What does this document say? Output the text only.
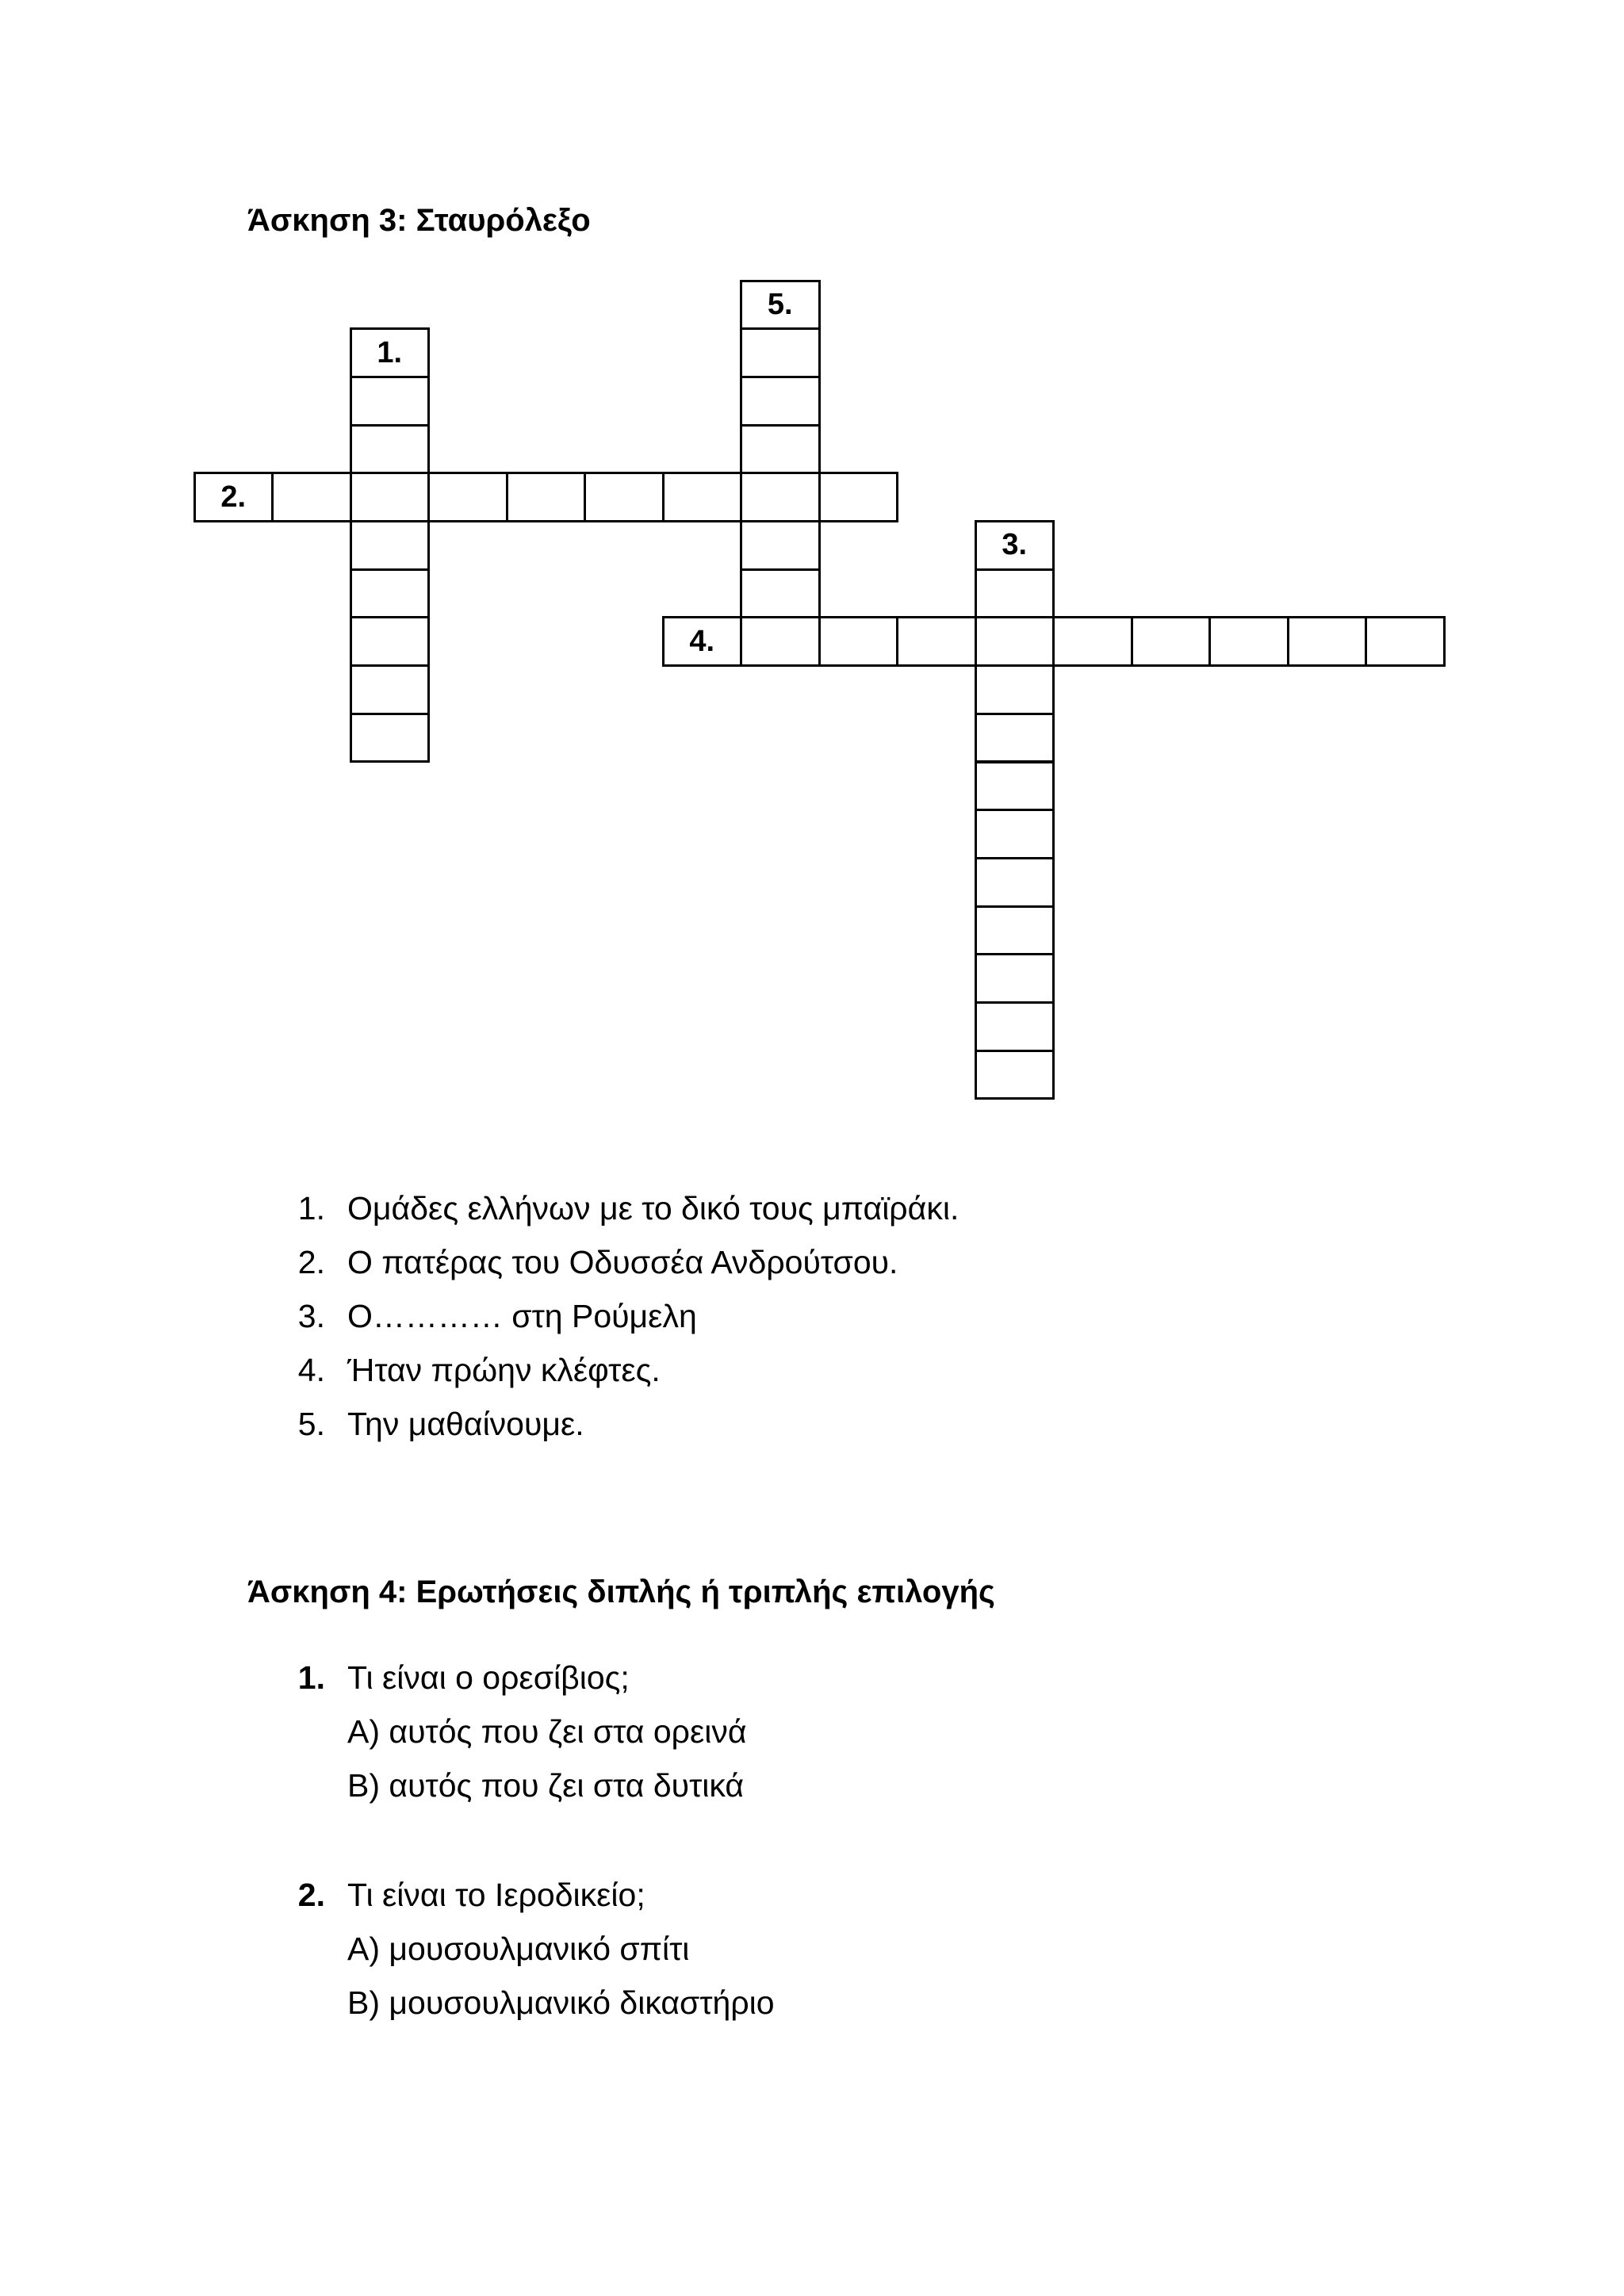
Άσκηση 3: Σταυρόλεξο
1.
2.
3.
4.
5.
1. Ομάδες ελλήνων με το δικό τους μπαϊράκι.
2. Ο πατέρας του Οδυσσέα Ανδρούτσου.
3. Ο………… στη Ρούμελη
4. Ήταν πρώην κλέφτες.
5. Την μαθαίνουμε.
Άσκηση 4: Ερωτήσεις διπλής ή τριπλής επιλογής
1. Τι είναι ο ορεσίβιος;
Α) αυτός που ζει στα ορεινά
Β) αυτός που ζει στα δυτικά
2. Τι είναι το Ιεροδικείο;
Α) μουσουλμανικό σπίτι
Β) μουσουλμανικό δικαστήριο
